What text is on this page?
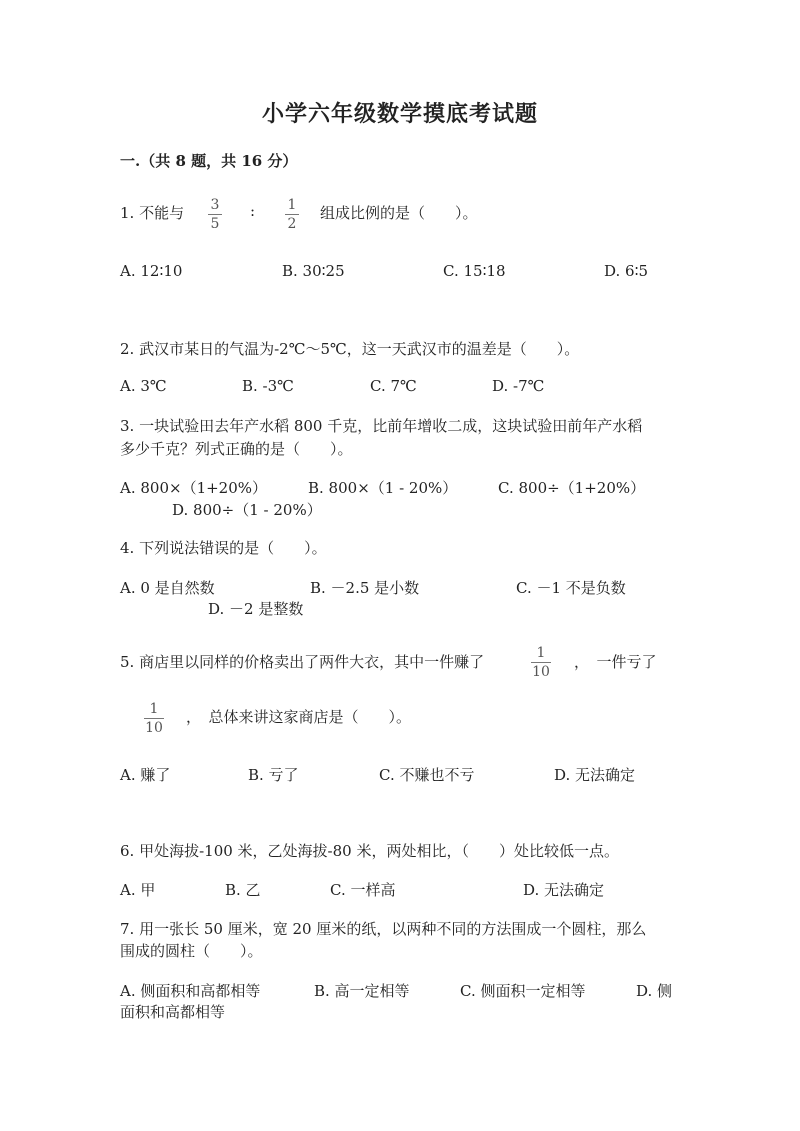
小学六年级数学摸底考试题
一.（共 8 题，共 16 分）
1. 不能与 3
5
: 1
2
组成比例的是（　　）。
A. 12∶10	B. 30∶25	C. 15∶18	D. 6∶5
2. 武汉市某日的气温为-2℃～5℃，这一天武汉市的温差是（　　）。
A. 3℃	B. -3℃	C. 7℃	D. -7℃
3. 一块试验田去年产水稻 800 千克，比前年增收二成，这块试验田前年产水稻
多少千克？列式正确的是（　　）。
A. 800×（1+20%）	B. 800×（1 - 20%）	C. 800÷（1+20%）
D. 800÷（1 - 20%）
4. 下列说法错误的是（　　）。
A. 0 是自然数	B. －2.5 是小数	C. －1 不是负数
D. －2 是整数
5. 商店里以同样的价格卖出了两件大衣，其中一件赚了	1
10
，　一件亏了
1
10
，　总体来讲这家商店是（　　）。
A. 赚了	B. 亏了	C. 不赚也不亏	D. 无法确定
6. 甲处海拔-100 米，乙处海拔-80 米，两处相比，（　　）处比较低一点。
A. 甲	B. 乙	C. 一样高	D. 无法确定
7. 用一张长 50 厘米，宽 20 厘米的纸，以两种不同的方法围成一个圆柱，那么
围成的圆柱（　　）。
A. 侧面积和高都相等	B. 高一定相等	C. 侧面积一定相等	D. 侧
面积和高都相等
